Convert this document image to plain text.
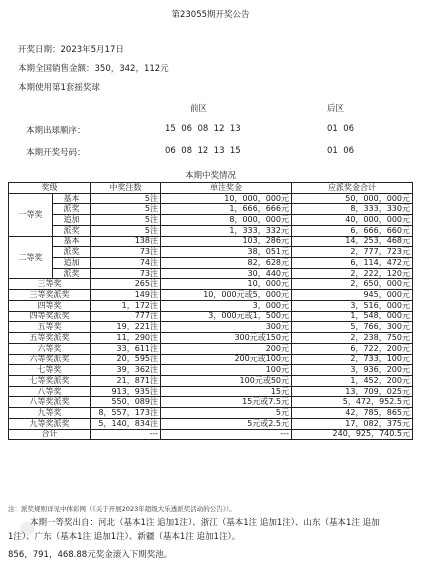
第23055期开奖公告
开奖日期：2023年5月17日
本期全国销售金额：350，342，112元
本期使用第1套摇奖球
前区	后区
本期出球顺序：	15  06  08  12  13	01  06
本期开奖号码：	06  08  12  13  15	01  06
本期中奖情况
奖级		中奖注数	单注奖金	应派奖金合计
一等奖	基本	5注	10，000，000元	50，000，000元
	派奖	5注	1，666，666元	8，333，330元
	追加	5注	8，000，000元	40，000，000元
	派奖	5注	1，333，332元	6，666，660元
二等奖	基本	138注	103，286元	14，253，468元
	派奖	73注	38，051元	2，777，723元
	追加	74注	82，628元	6，114，472元
	派奖	73注	30，440元	2，222，120元
三等奖		265注	10，000元	2，650，000元
三等奖派奖		149注	10，000元或5，000元	945，000元
四等奖		1，172注	3，000元	3，516，000元
四等奖派奖		777注	3，000元或1，500元	1，548，000元
五等奖		19，221注	300元	5，766，300元
五等奖派奖		11，290注	300元或150元	2，238，750元
六等奖		33，611注	200元	6，722，200元
六等奖派奖		20，595注	200元或100元	2，733，100元
七等奖		39，362注	100元	3，936，200元
七等奖派奖		21，871注	100元或50元	1，452，200元
八等奖		913，935注	15元	13，709，025元
八等奖派奖		550，089注	15元或7.5元	5，472，952.5元
九等奖		8，557，173注	5元	42，785，865元
九等奖派奖		5，140，834注	5元或2.5元	17，082，375元
合计		---	---	240，925，740.5元
注：派奖规则详见中体彩网（《关于开展2023年超级大乐透派奖活动的公告》）。
本期一等奖出自：河北（基本1注 追加1注）、浙江（基本1注 追加1注）、山东（基本1注 追加
1注）、广东（基本1注 追加1注）、新疆（基本1注 追加1注）。
856，791，468.88元奖金滚入下期奖池。
